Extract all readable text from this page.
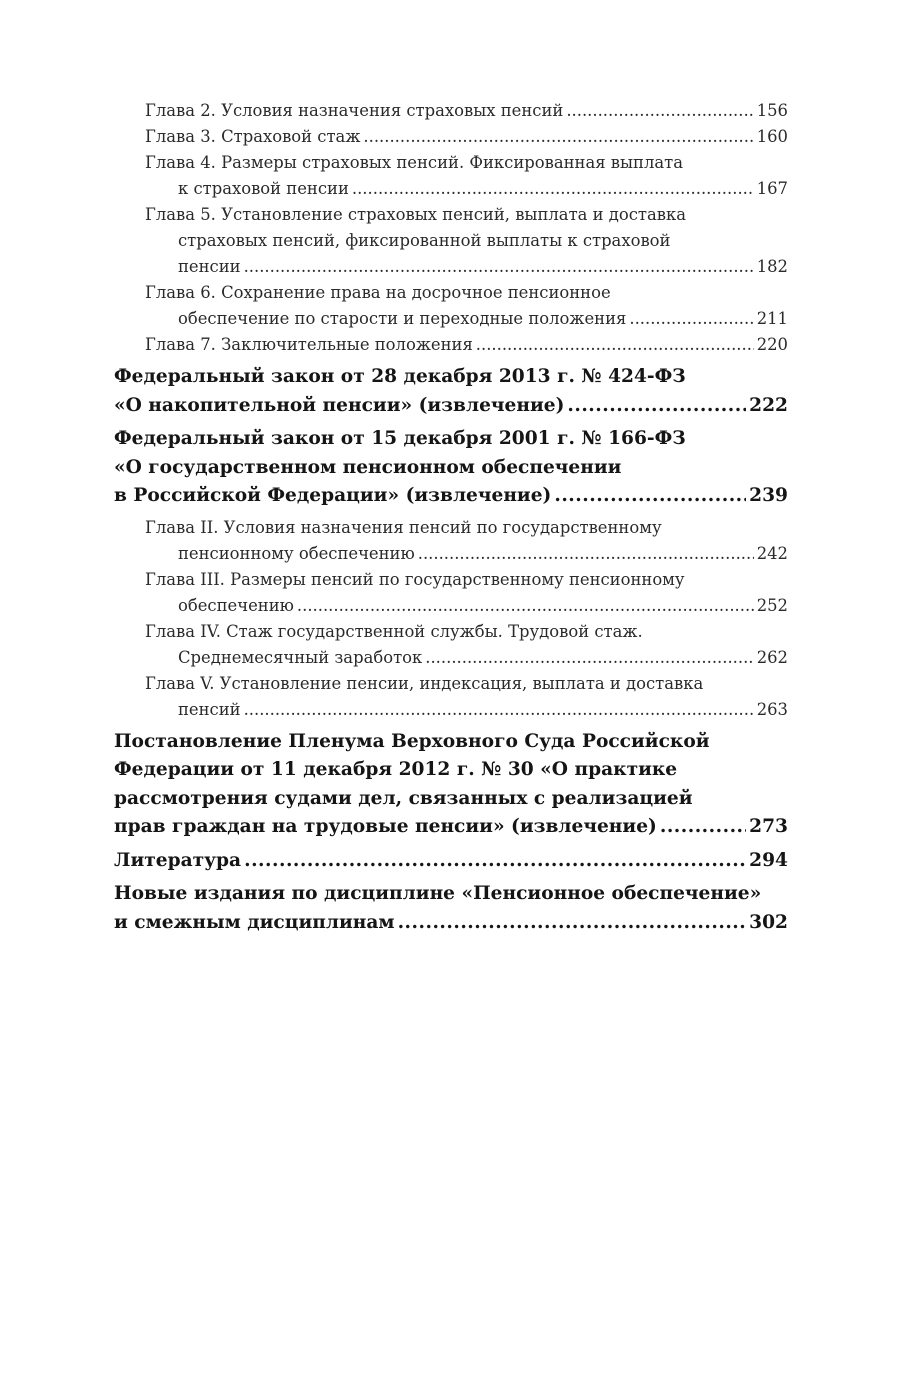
Глава 2. Условия назначения страховых пенсий .....	156
Глава 3. Страховой стаж .....	160
Глава 4. Размеры страховых пенсий. Фиксированная выплата
к страховой пенсии .....	167
Глава 5. Установление страховых пенсий, выплата и доставка
страховых пенсий, фиксированной выплаты к страховой
пенсии .....	182
Глава 6. Сохранение права на досрочное пенсионное
обеспечение по старости и переходные положения .....	211
Глава 7. Заключительные положения .....	220
Федеральный закон от 28 декабря 2013 г. № 424-ФЗ
«О накопительной пенсии» (извлечение) .....	222
Федеральный закон от 15 декабря 2001 г. № 166-ФЗ
«О государственном пенсионном обеспечении
в Российской Федерации» (извлечение) .....	239
Глава II. Условия назначения пенсий по государственному
пенсионному обеспечению .....	242
Глава III. Размеры пенсий по государственному пенсионному
обеспечению .....	252
Глава IV. Стаж государственной службы. Трудовой стаж.
Среднемесячный заработок .....	262
Глава V. Установление пенсии, индексация, выплата и доставка
пенсий .....	263
Постановление Пленума Верховного Суда Российской
Федерации от 11 декабря 2012 г. № 30 «О практике
рассмотрения судами дел, связанных с реализацией
прав граждан на трудовые пенсии» (извлечение) .....	273
Литература .....	294
Новые издания по дисциплине «Пенсионное обеспечение»
и смежным дисциплинам .....	302
